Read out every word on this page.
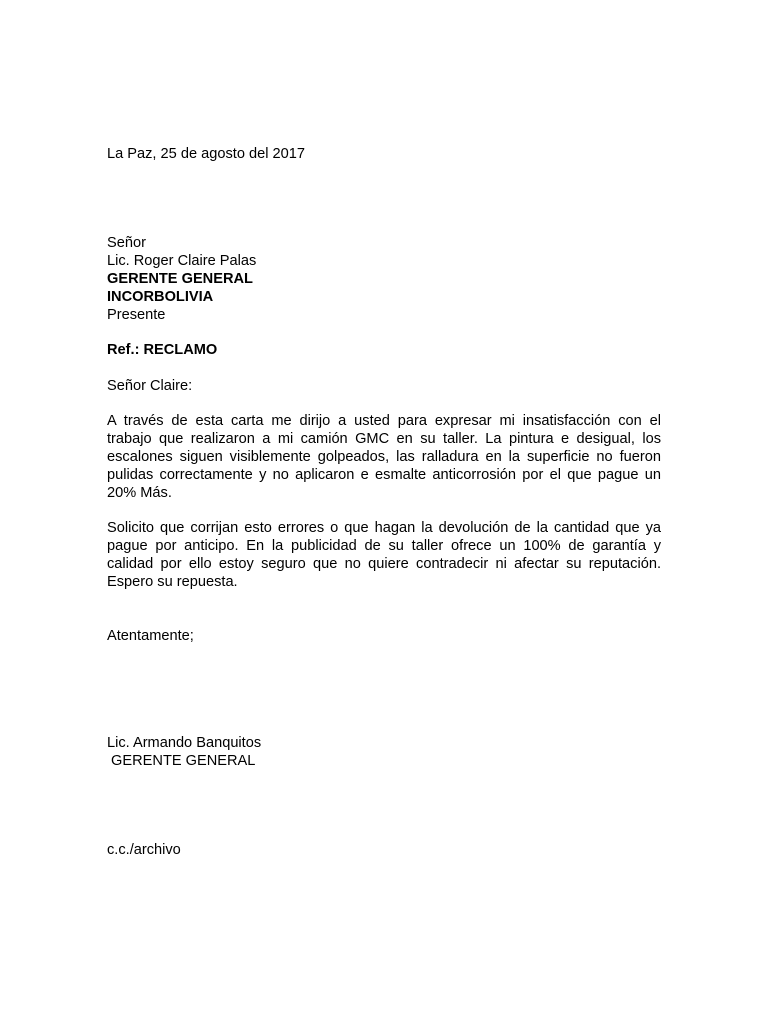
La Paz, 25 de agosto del 2017
Señor
Lic. Roger Claire Palas
GERENTE GENERAL
INCORBOLIVIA
Presente
Ref.: RECLAMO
Señor Claire:
A través de esta carta me dirijo a usted para expresar mi insatisfacción con el
trabajo que realizaron a mi camión GMC en su taller. La pintura e desigual, los
escalones siguen visiblemente golpeados, las ralladura en la superficie no fueron
pulidas correctamente y no aplicaron e esmalte anticorrosión por el que pague un
20% Más.
Solicito que corrijan esto errores o que hagan la devolución de la cantidad que ya
pague por anticipo. En la publicidad de su taller ofrece un 100% de garantía y
calidad por ello estoy seguro que no quiere contradecir ni afectar su reputación.
Espero su repuesta.
Atentamente;
Lic. Armando Banquitos
GERENTE GENERAL
c.c./archivo
